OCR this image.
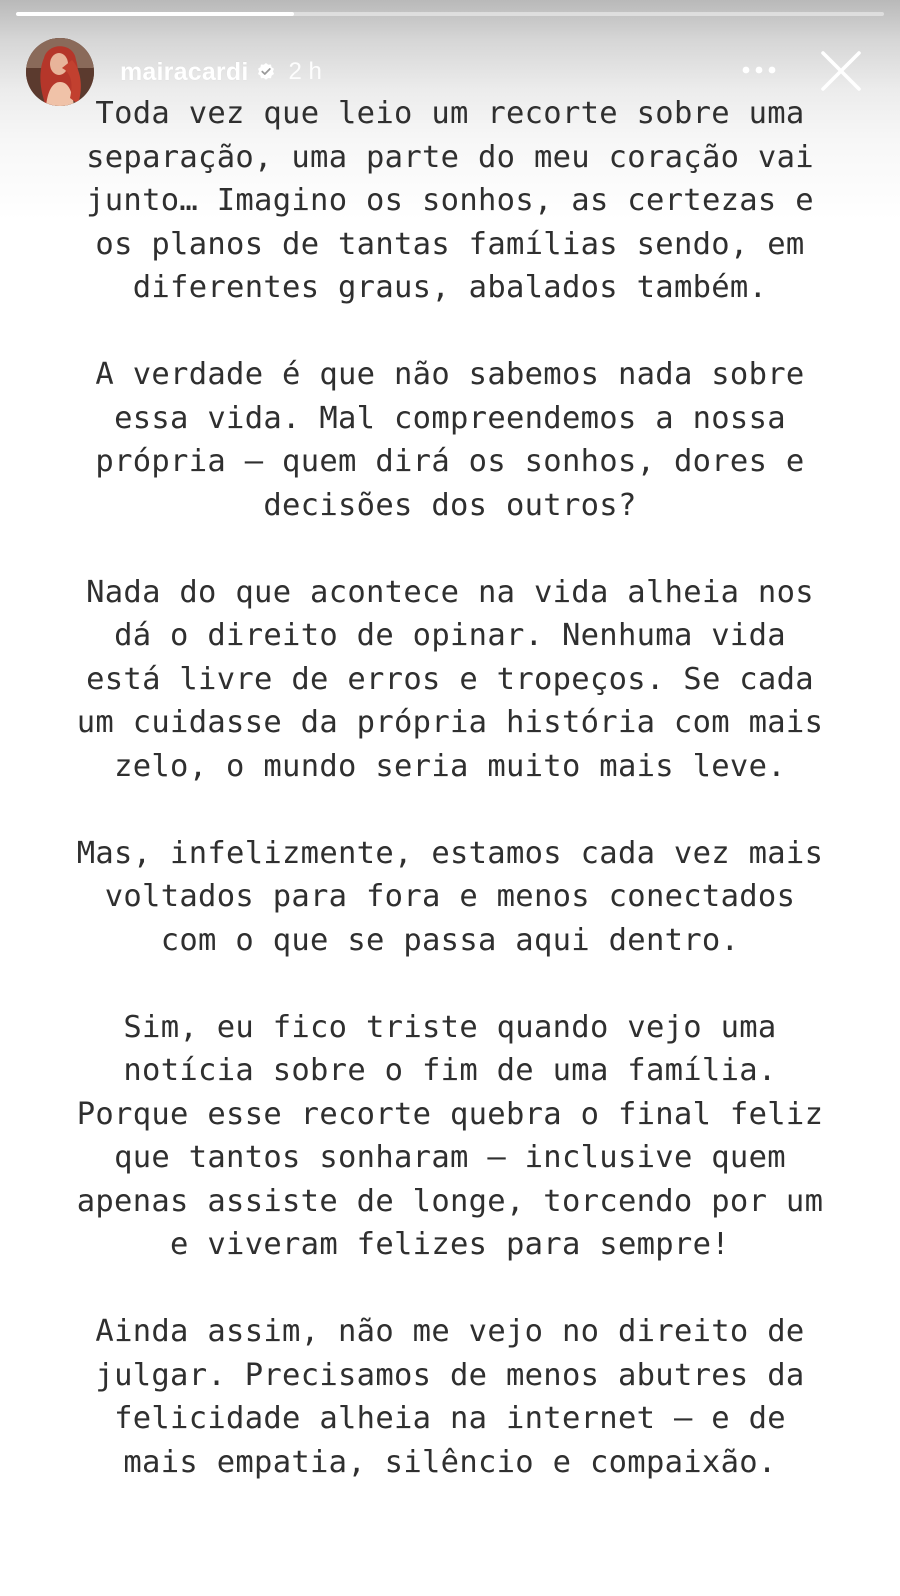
mairacardi 2 h
Toda vez que leio um recorte sobre uma
separação, uma parte do meu coração vai
junto… Imagino os sonhos, as certezas e
os planos de tantas famílias sendo, em
diferentes graus, abalados também.
A verdade é que não sabemos nada sobre
essa vida. Mal compreendemos a nossa
própria — quem dirá os sonhos, dores e
decisões dos outros?
Nada do que acontece na vida alheia nos
dá o direito de opinar. Nenhuma vida
está livre de erros e tropeços. Se cada
um cuidasse da própria história com mais
zelo, o mundo seria muito mais leve.
Mas, infelizmente, estamos cada vez mais
voltados para fora e menos conectados
com o que se passa aqui dentro.
Sim, eu fico triste quando vejo uma
notícia sobre o fim de uma família.
Porque esse recorte quebra o final feliz
que tantos sonharam — inclusive quem
apenas assiste de longe, torcendo por um
e viveram felizes para sempre!
Ainda assim, não me vejo no direito de
julgar. Precisamos de menos abutres da
felicidade alheia na internet — e de
mais empatia, silêncio e compaixão.
